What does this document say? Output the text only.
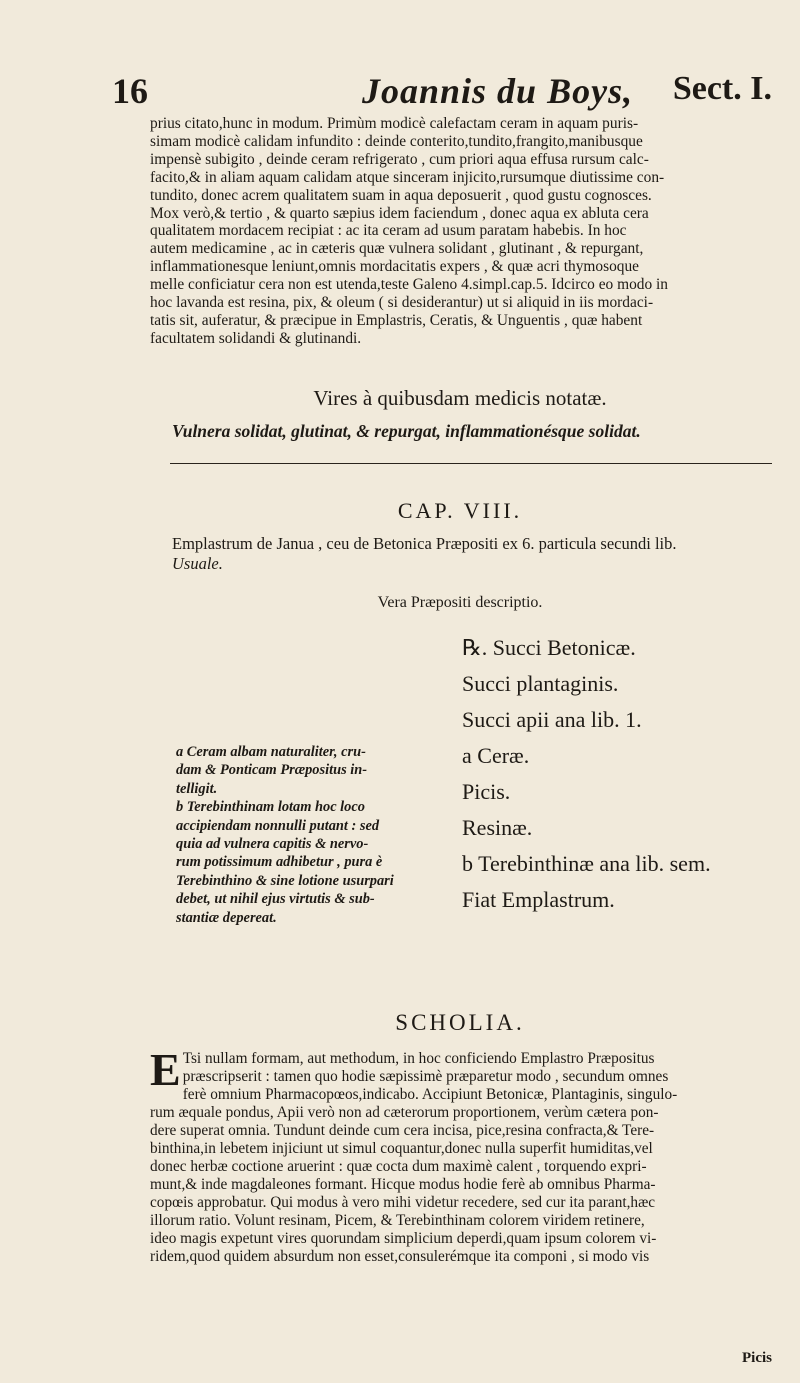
16	Joannis du Boys, Sect. I.

prius citato,hunc in modum. Primùm modicè calefactam ceram in aquam puris-
simam modicè calidam infundito : deinde conterito,tundito,frangito,manibusque
impensè subigito , deinde ceram refrigerato , cum priori aqua effusa rursum calc-
facito,& in aliam aquam calidam atque sinceram injicito,rursumque diutissime con-
tundito, donec acrem qualitatem suam in aqua deposuerit , quod gustu cognosces.
Mox verò,& tertio , & quarto sæpius idem faciendum , donec aqua ex abluta cera
qualitatem mordacem recipiat : ac ita ceram ad usum paratam habebis. In hoc
autem medicamine , ac in cæteris quæ vulnera solidant , glutinant , & repurgant,
inflammationesque leniunt,omnis mordacitatis expers , & quæ acri thymosoque
melle conficiatur cera non est utenda,teste Galeno 4.simpl.cap.5. Idcirco eo modo in
hoc lavanda est resina, pix, & oleum ( si desiderantur) ut si aliquid in iis mordaci-
tatis sit, auferatur, & præcipue in Emplastris, Ceratis, & Unguentis , quæ habent
facultatem solidandi & glutinandi.

Vires à quibusdam medicis notatæ.
Vulnera solidat, glutinat, & repurgat, inflammationésque solidat.
CAP. VIII.
Emplastrum de Janua , ceu de Betonica Præpositi ex 6. particula secundi lib.
Usuale.
Vera Præpositi descriptio.
℞. Succi Betonicæ.
Succi plantaginis.
Succi apii ana lib. 1.
a Ceræ.
Picis.
Resinæ.
b Terebinthinæ ana lib. sem.
Fiat Emplastrum.
a Ceram albam naturaliter, cru-
dam & Ponticam Præpositus in-
telligit.
b Terebinthinam lotam hoc loco
accipiendam nonnulli putant : sed
quia ad vulnera capitis & nervo-
rum potissimum adhibetur , pura è
Terebinthino & sine lotione usurpari
debet, ut nihil ejus virtutis & sub-
stantiæ depereat.
SCHOLIA.
E Tsi nullam formam, aut methodum, in hoc conficiendo Emplastro Præpositus
præscripserit : tamen quo hodie sæpissimè præparetur modo , secundum omnes
ferè omnium Pharmacopœos,indicabo. Accipiunt Betonicæ, Plantaginis, singulo-
rum æquale pondus, Apii verò non ad cæterorum proportionem, verùm cætera pon-
dere superat omnia. Tundunt deinde cum cera incisa, pice,resina confracta,& Tere-
binthina,in lebetem injiciunt ut simul coquantur,donec nulla superfit humiditas,vel
donec herbæ coctione aruerint : quæ cocta dum maximè calent , torquendo expri-
munt,& inde magdaleones formant. Hicque modus hodie ferè ab omnibus Pharma-
copœis approbatur. Qui modus à vero mihi videtur recedere, sed cur ita parant,hæc
illorum ratio. Volunt resinam, Picem, & Terebinthinam colorem viridem retinere,
ideo magis expetunt vires quorundam simplicium deperdi,quam ipsum colorem vi-
ridem,quod quidem absurdum non esset,consulerémque ita componi , si modo vis

Picis
